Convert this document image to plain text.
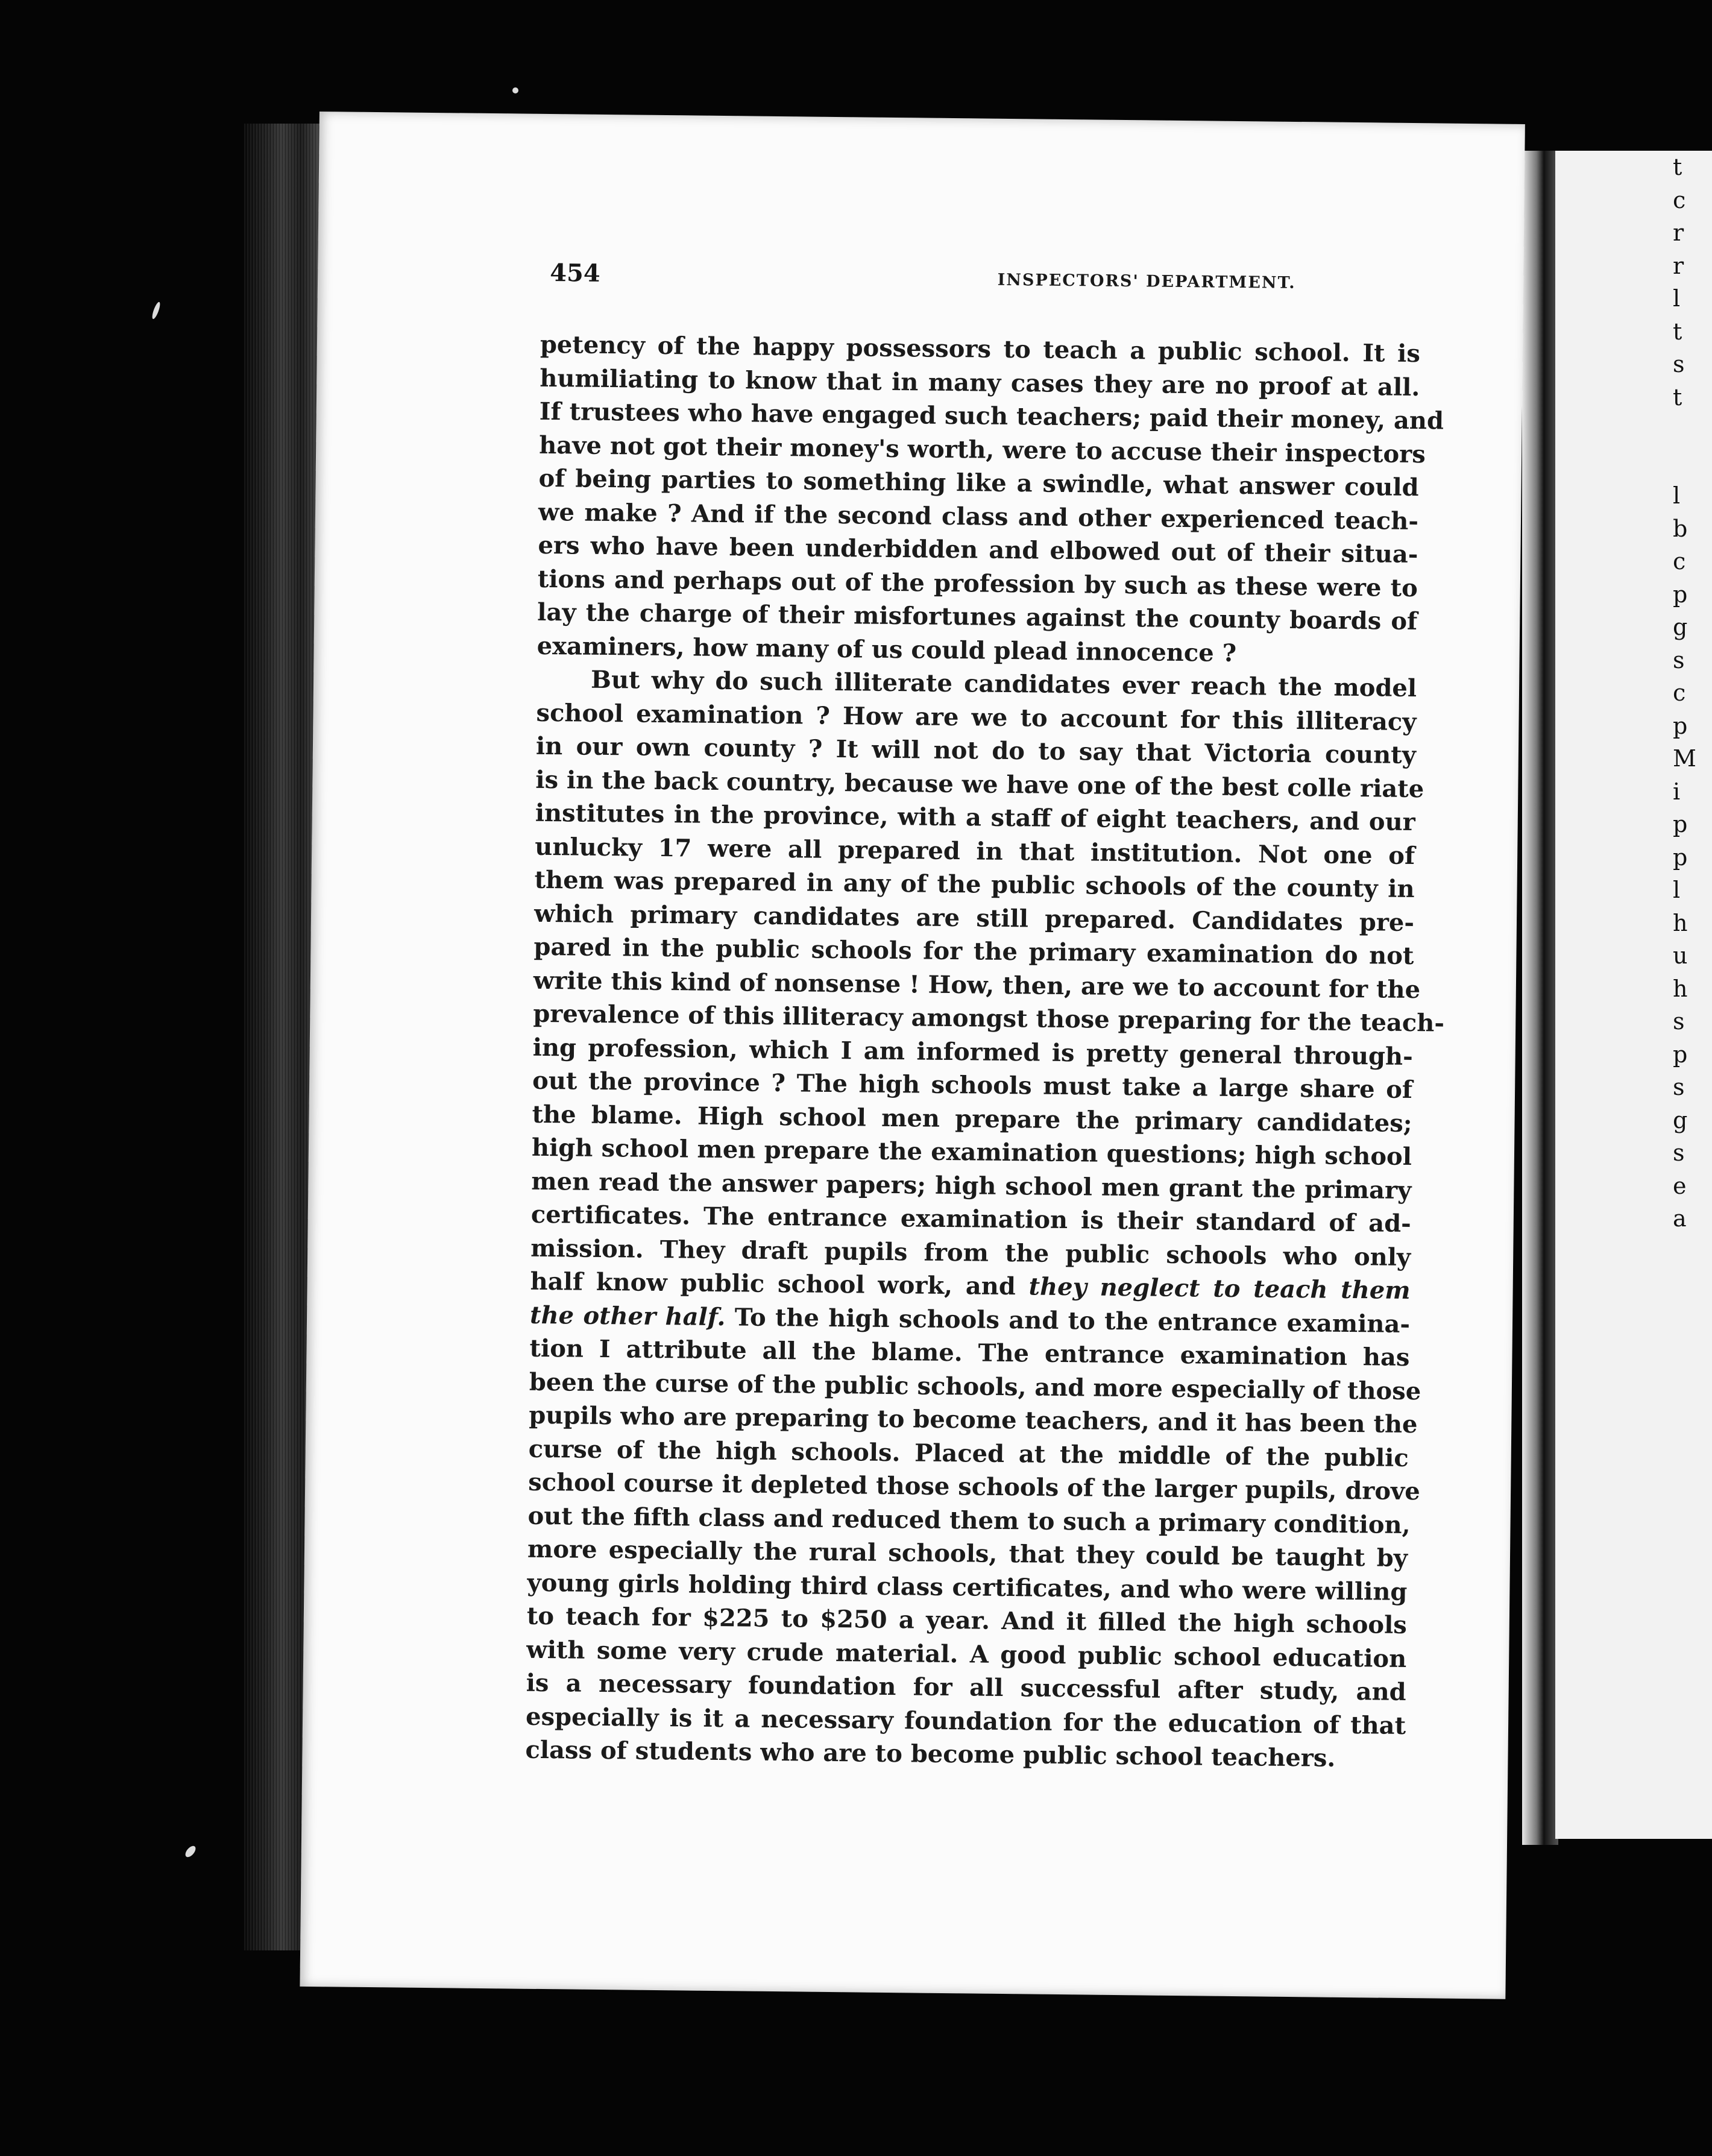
t
c
r
r
l
t
s
t
l
b
c
p
g
s
c
p
M
i
p
p
l
h
u
h
s
p
s
g
s
e
a
454	INSPECTORS' DEPARTMENT.
petency of the happy possessors to teach a public school. It is
humiliating to know that in many cases they are no proof at all.
If trustees who have engaged such teachers; paid their money, and
have not got their money's worth, were to accuse their inspectors
of being parties to something like a swindle, what answer could
we make ? And if the second class and other experienced teach-
ers who have been underbidden and elbowed out of their situa-
tions and perhaps out of the profession by such as these were to
lay the charge of their misfortunes against the county boards of
examiners, how many of us could plead innocence ?
But why do such illiterate candidates ever reach the model
school examination ? How are we to account for this illiteracy
in our own county ? It will not do to say that Victoria county
is in the back country, because we have one of the best colle riate
institutes in the province, with a staff of eight teachers, and our
unlucky 17 were all prepared in that institution. Not one of
them was prepared in any of the public schools of the county in
which primary candidates are still prepared. Candidates pre-
pared in the public schools for the primary examination do not
write this kind of nonsense ! How, then, are we to account for the
prevalence of this illiteracy amongst those preparing for the teach-
ing profession, which I am informed is pretty general through-
out the province ? The high schools must take a large share of
the blame. High school men prepare the primary candidates;
high school men prepare the examination questions; high school
men read the answer papers; high school men grant the primary
certificates. The entrance examination is their standard of ad-
mission. They draft pupils from the public schools who only
half know public school work, and they neglect to teach them
the other half. To the high schools and to the entrance examina-
tion I attribute all the blame. The entrance examination has
been the curse of the public schools, and more especially of those
pupils who are preparing to become teachers, and it has been the
curse of the high schools. Placed at the middle of the public
school course it depleted those schools of the larger pupils, drove
out the fifth class and reduced them to such a primary condition,
more especially the rural schools, that they could be taught by
young girls holding third class certificates, and who were willing
to teach for $225 to $250 a year. And it filled the high schools
with some very crude material. A good public school education
is a necessary foundation for all successful after study, and
especially is it a necessary foundation for the education of that
class of students who are to become public school teachers.
